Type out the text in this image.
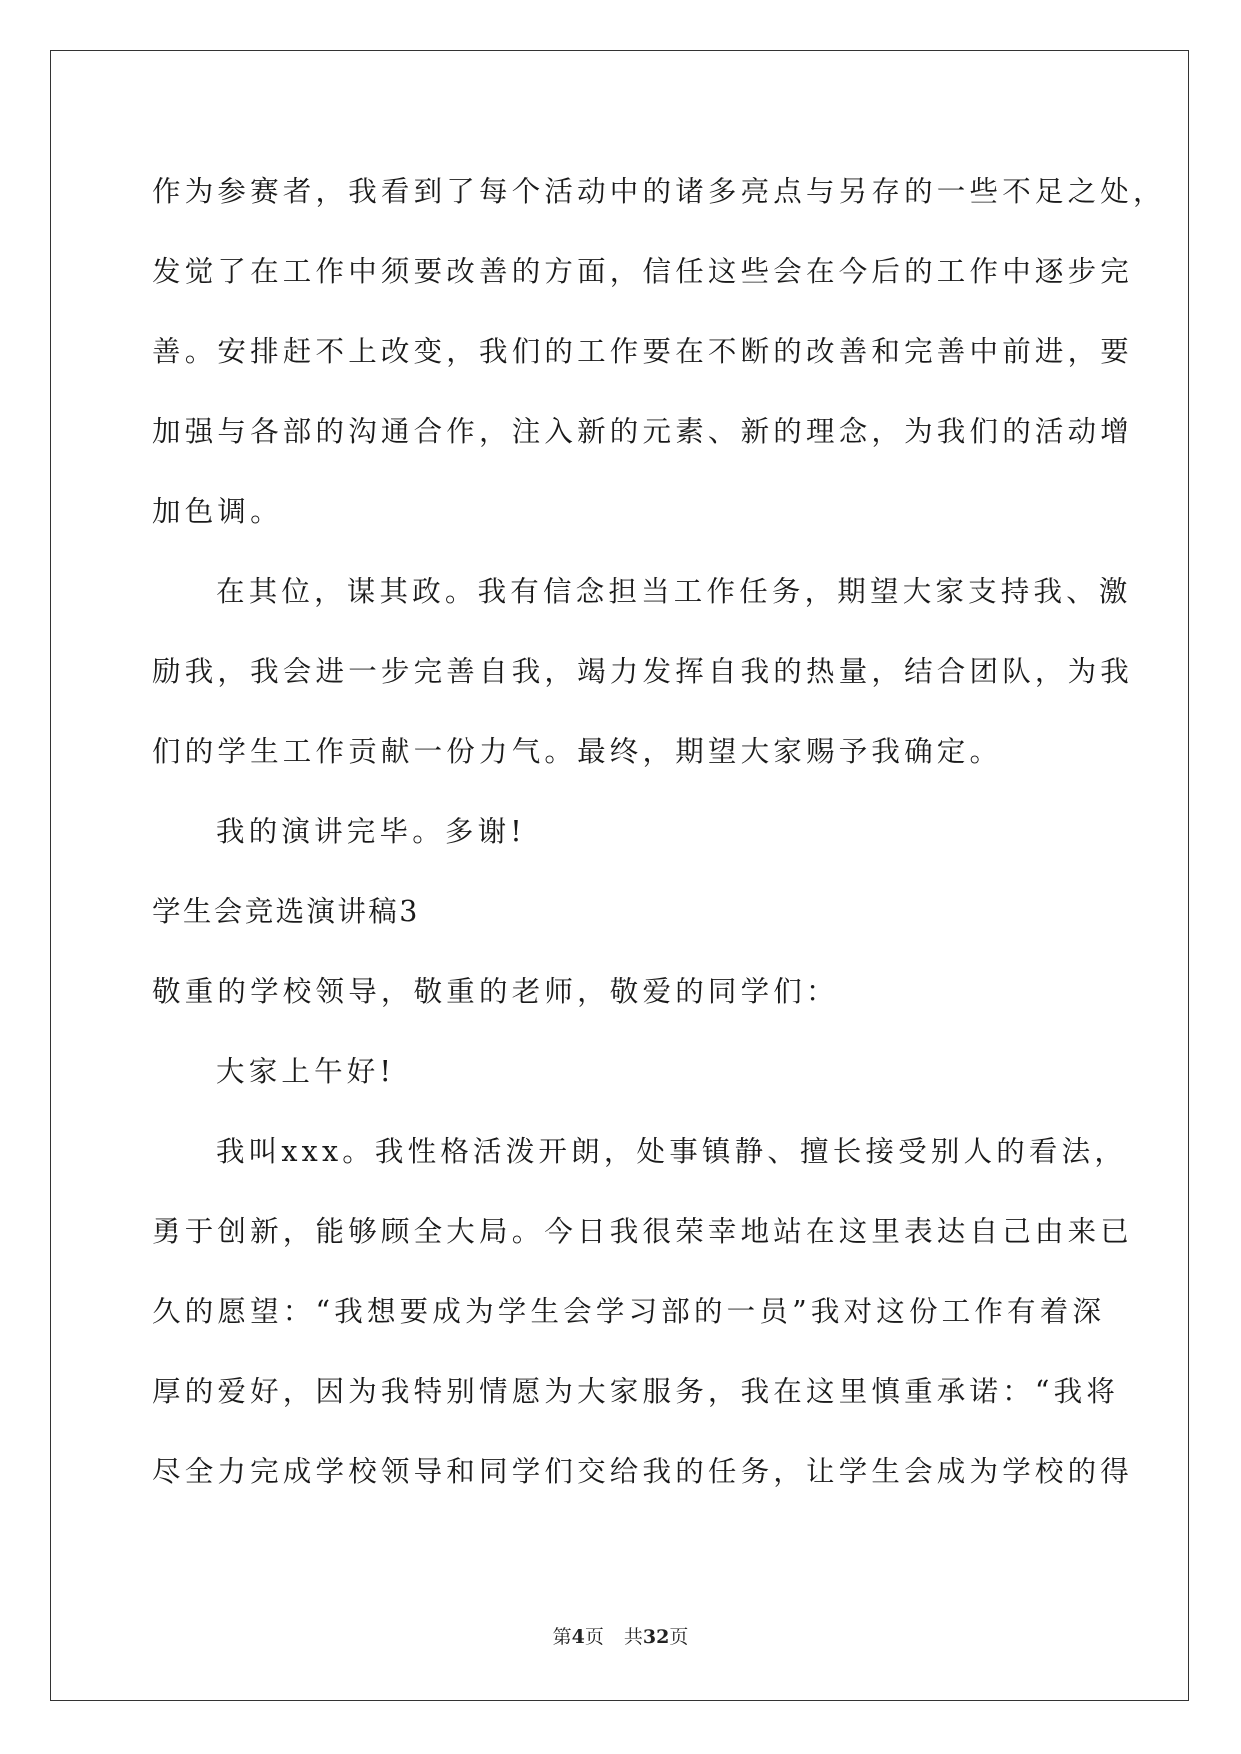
作为参赛者，我看到了每个活动中的诸多亮点与另存的一些不足之处，
发觉了在工作中须要改善的方面，信任这些会在今后的工作中逐步完
善。安排赶不上改变，我们的工作要在不断的改善和完善中前进，要
加强与各部的沟通合作，注入新的元素、新的理念，为我们的活动增
加色调。
在其位，谋其政。我有信念担当工作任务，期望大家支持我、激
励我，我会进一步完善自我，竭力发挥自我的热量，结合团队，为我
们的学生工作贡献一份力气。最终，期望大家赐予我确定。
我的演讲完毕。多谢!
学生会竞选演讲稿3
敬重的学校领导，敬重的老师，敬爱的同学们：
大家上午好!
我叫xxx。我性格活泼开朗，处事镇静、擅长接受别人的看法，
勇于创新，能够顾全大局。今日我很荣幸地站在这里表达自己由来已
久的愿望：“我想要成为学生会学习部的一员”我对这份工作有着深
厚的爱好，因为我特别情愿为大家服务，我在这里慎重承诺：“我将
尽全力完成学校领导和同学们交给我的任务，让学生会成为学校的得
第4页 共32页
